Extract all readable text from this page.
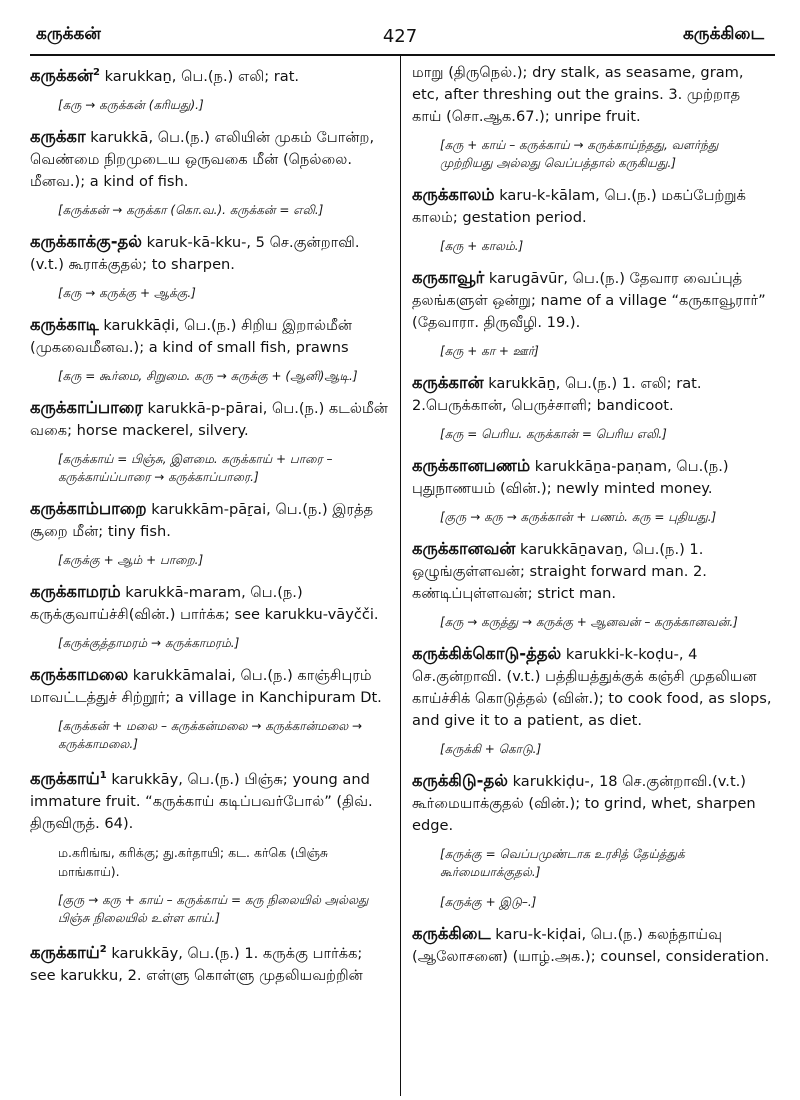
கருக்கன்	427	கருக்கிடை
கருக்கன்$^2$ karukkaṉ, பெ.(ந.) எலி; rat.
[கரு → கருக்கன் (கரியது).]
கருக்கா karukkā, பெ.(ந.) எலியின் முகம் போன்ற, வெண்மை நிறமுடைய ஒருவகை மீன் (நெல்லை. மீனவ.); a kind of fish.
[கருக்கன் → கருக்கா (கொ.வ.). கருக்கன் = எலி.]
கருக்காக்கு-தல் karuk-kā-kku-, 5 செ.குன்றாவி. (v.t.) கூராக்குதல்; to sharpen.
[கரு → கருக்கு + ஆக்கு.]
கருக்காடி karukkāḍi, பெ.(ந.) சிறிய இறால்மீன் (முகவைமீனவ.); a kind of small fish, prawns
[கரு = கூர்மை, சிறுமை. கரு → கருக்கு + (ஆனி)ஆடி.]
கருக்காப்பாரை karukkā-p-pārai, பெ.(ந.) கடல்மீன் வகை; horse mackerel, silvery.
[கருக்காய் = பிஞ்சு, இளமை. கருக்காய் + பாரை – கருக்காய்ப்பாரை → கருக்காப்பாரை.]
கருக்காம்பாறை karukkām-pāṟai, பெ.(ந.) இரத்த சூறை மீன்; tiny fish.
[கருக்கு + ஆம் + பாறை.]
கருக்காமரம் karukkā-maram, பெ.(ந.) கருக்குவாய்ச்சி(வின்.) பார்க்க; see karukku-vāyčči.
[கருக்குத்தாமரம் → கருக்காமரம்.]
கருக்காமலை karukkāmalai, பெ.(ந.) காஞ்சிபுரம் மாவட்டத்துச் சிற்றூர்; a village in Kanchipuram Dt.
[கருக்கன் + மலை – கருக்கன்மலை → கருக்கான்மலை → கருக்காமலை.]
கருக்காய்$^1$ karukkāy, பெ.(ந.) பிஞ்சு; young and immature fruit. “கருக்காய் கடிப்பவர்போல்” (திவ். திருவிருத். 64).
ம.கரிங்ங, கரிக்கு; து.கர்தாயி; கட. கர்கெ (பிஞ்சு மாங்காய்).
[குரு → கரு + காய் – கருக்காய் = கரு நிலையில் அல்லது பிஞ்சு நிலையில் உள்ள காய்.]
கருக்காய்$^2$ karukkāy, பெ.(ந.) 1. கருக்கு பார்க்க; see karukku, 2. எள்ளு கொள்ளு முதலியவற்றின்
மாறு (திருநெல்.); dry stalk, as seasame, gram, etc, after threshing out the grains. 3. முற்றாத காய் (சொ.ஆக.67.); unripe fruit.
[கரு + காய் – கருக்காய் → கருக்காய்ந்தது, வளர்ந்து முற்றியது அல்லது வெப்பத்தால் கருகியது.]
கருக்காலம் karu-k-kālam, பெ.(ந.) மகப்பேற்றுக் காலம்; gestation period.
[கரு + காலம்.]
கருகாவூர் karugāvūr, பெ.(ந.) தேவார வைப்புத் தலங்களுள் ஒன்று; name of a village “கருகாவூரார்” (தேவாரா. திருவீழி. 19.).
[கரு + கா + ஊர்]
கருக்கான் karukkāṉ, பெ.(ந.) 1. எலி; rat. 2.பெருக்கான், பெருச்சாளி; bandicoot.
[கரு = பெரிய. கருக்கான் = பெரிய எலி.]
கருக்கானபணம் karukkāṉa-paṇam, பெ.(ந.) புதுநாணயம் (வின்.); newly minted money.
[குரு → கரு → கருக்கான் + பணம். கரு = புதியது.]
கருக்கானவன் karukkāṉavaṉ, பெ.(ந.) 1. ஒழுங்குள்ளவன்; straight forward man. 2. கண்டிப்புள்ளவன்; strict man.
[கரு → கருத்து → கருக்கு + ஆனவன் – கருக்கானவன்.]
கருக்கிக்கொடு-த்தல் karukki-k-koḍu-, 4 செ.குன்றாவி. (v.t.) பத்தியத்துக்குக் கஞ்சி முதலியன காய்ச்சிக் கொடுத்தல் (வின்.); to cook food, as slops, and give it to a patient, as diet.
[கருக்கி + கொடு.]
கருக்கிடு-தல் karukkiḍu-, 18 செ.குன்றாவி.(v.t.) கூர்மையாக்குதல் (வின்.); to grind, whet, sharpen edge.
[கருக்கு = வெப்பமுண்டாக உரசித் தேய்த்துக் கூர்மையாக்குதல்.]
[கருக்கு + இடு–.]
கருக்கிடை karu-k-kiḍai, பெ.(ந.) கலந்தாய்வு (ஆலோசனை) (யாழ்.அக.); counsel, consideration.
